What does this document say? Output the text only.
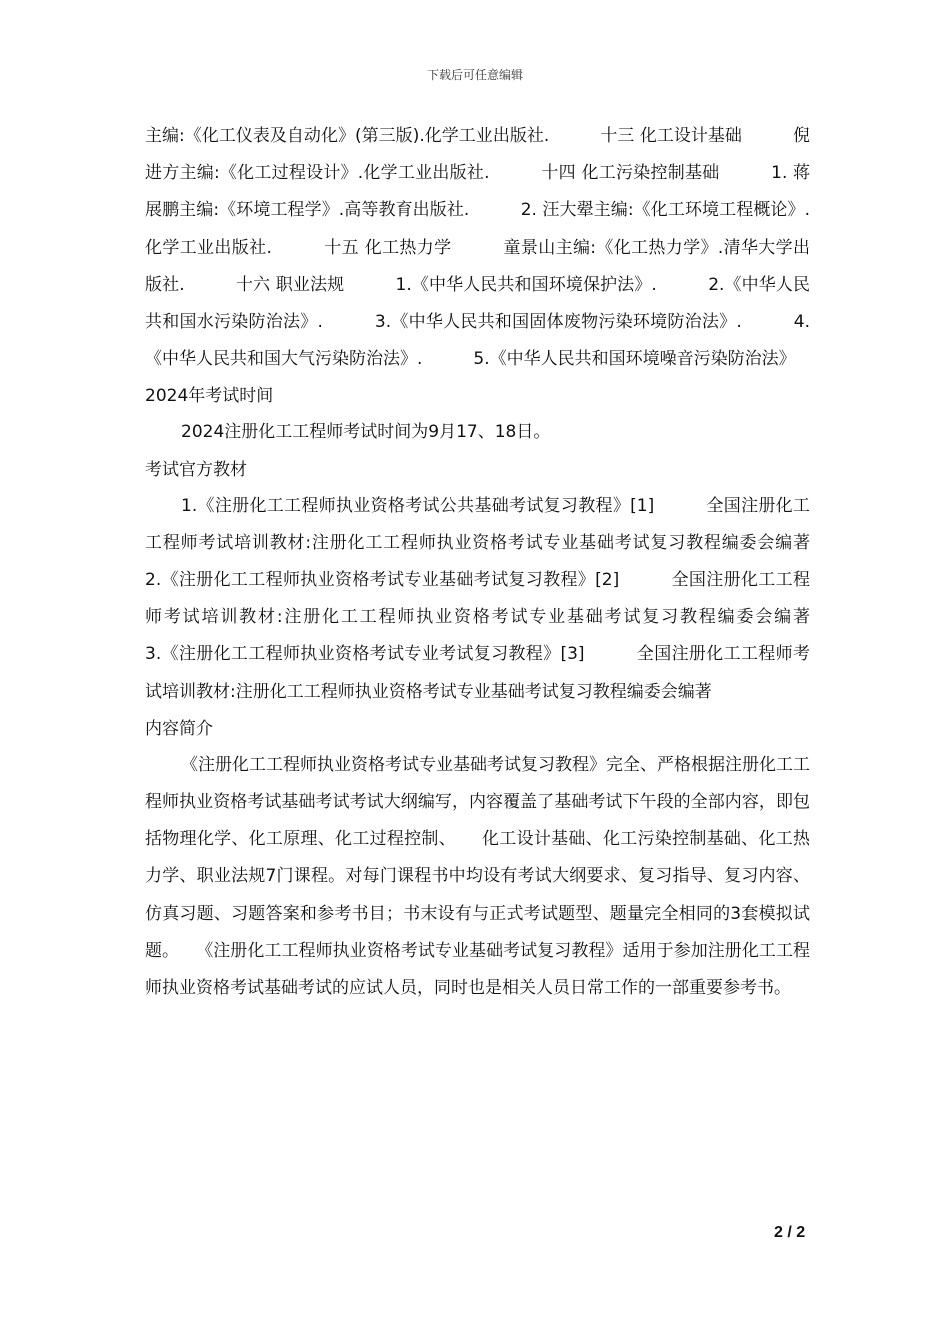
下载后可任意编辑

主编:《化工仪表及自动化》(第三版).化学工业出版社.　　　十三 化工设计基础　　　倪进方主编:《化工过程设计》.化学工业出版社.　　　十四 化工污染控制基础　　　1. 蒋展鹏主编:《环境工程学》.高等教育出版社.　　　2. 汪大翚主编:《化工环境工程概论》.化学工业出版社.　　　十五 化工热力学　　　童景山主编:《化工热力学》.清华大学出版社.　　　十六 职业法规　　　1.《中华人民共和国环境保护法》.　　　2.《中华人民共和国水污染防治法》.　　　3.《中华人民共和国固体废物污染环境防治法》.　　　4.《中华人民共和国大气污染防治法》.　　　5.《中华人民共和国环境噪音污染防治法》

2024年考试时间

2024注册化工工程师考试时间为9月17、18日。

考试官方教材

1.《注册化工工程师执业资格考试公共基础考试复习教程》[1]　　　全国注册化工工程师考试培训教材:注册化工工程师执业资格考试专业基础考试复习教程编委会编著　　　2.《注册化工工程师执业资格考试专业基础考试复习教程》[2]　　　全国注册化工工程师考试培训教材:注册化工工程师执业资格考试专业基础考试复习教程编委会编著　　　3.《注册化工工程师执业资格考试专业考试复习教程》[3]　　　全国注册化工工程师考试培训教材:注册化工工程师执业资格考试专业基础考试复习教程编委会编著

内容简介

《注册化工工程师执业资格考试专业基础考试复习教程》完全、严格根据注册化工工程师执业资格考试基础考试考试大纲编写，内容覆盖了基础考试下午段的全部内容，即包括物理化学、化工原理、化工过程控制、　　化工设计基础、化工污染控制基础、化工热力学、职业法规7门课程。对每门课程书中均设有考试大纲要求、复习指导、复习内容、仿真习题、习题答案和参考书目；书末设有与正式考试题型、题量完全相同的3套模拟试题。　　《注册化工工程师执业资格考试专业基础考试复习教程》适用于参加注册化工工程师执业资格考试基础考试的应试人员，同时也是相关人员日常工作的一部重要参考书。

2 / 2
